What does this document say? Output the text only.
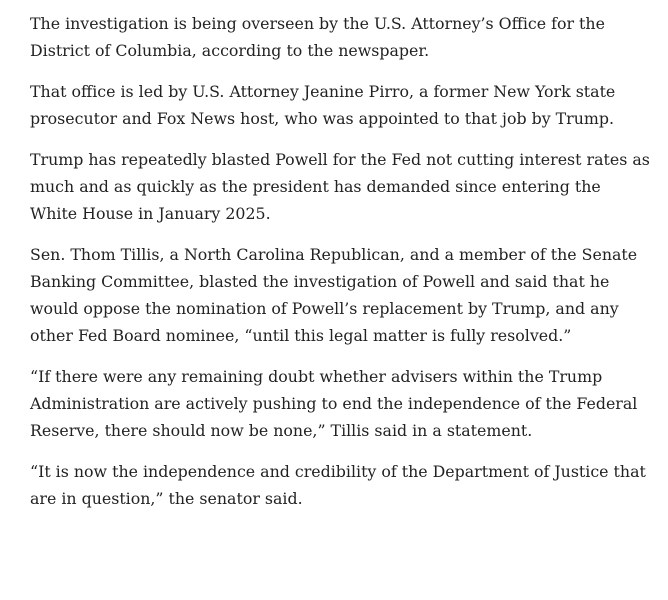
The investigation is being overseen by the U.S. Attorney’s Office for the District of Columbia, according to the newspaper.

That office is led by U.S. Attorney Jeanine Pirro, a former New York state prosecutor and Fox News host, who was appointed to that job by Trump.

Trump has repeatedly blasted Powell for the Fed not cutting interest rates as much and as quickly as the president has demanded since entering the White House in January 2025.

Sen. Thom Tillis, a North Carolina Republican, and a member of the Senate Banking Committee, blasted the investigation of Powell and said that he would oppose the nomination of Powell’s replacement by Trump, and any other Fed Board nominee, “until this legal matter is fully resolved.”

“If there were any remaining doubt whether advisers within the Trump Administration are actively pushing to end the independence of the Federal Reserve, there should now be none,” Tillis said in a statement.

“It is now the independence and credibility of the Department of Justice that are in question,” the senator said.
